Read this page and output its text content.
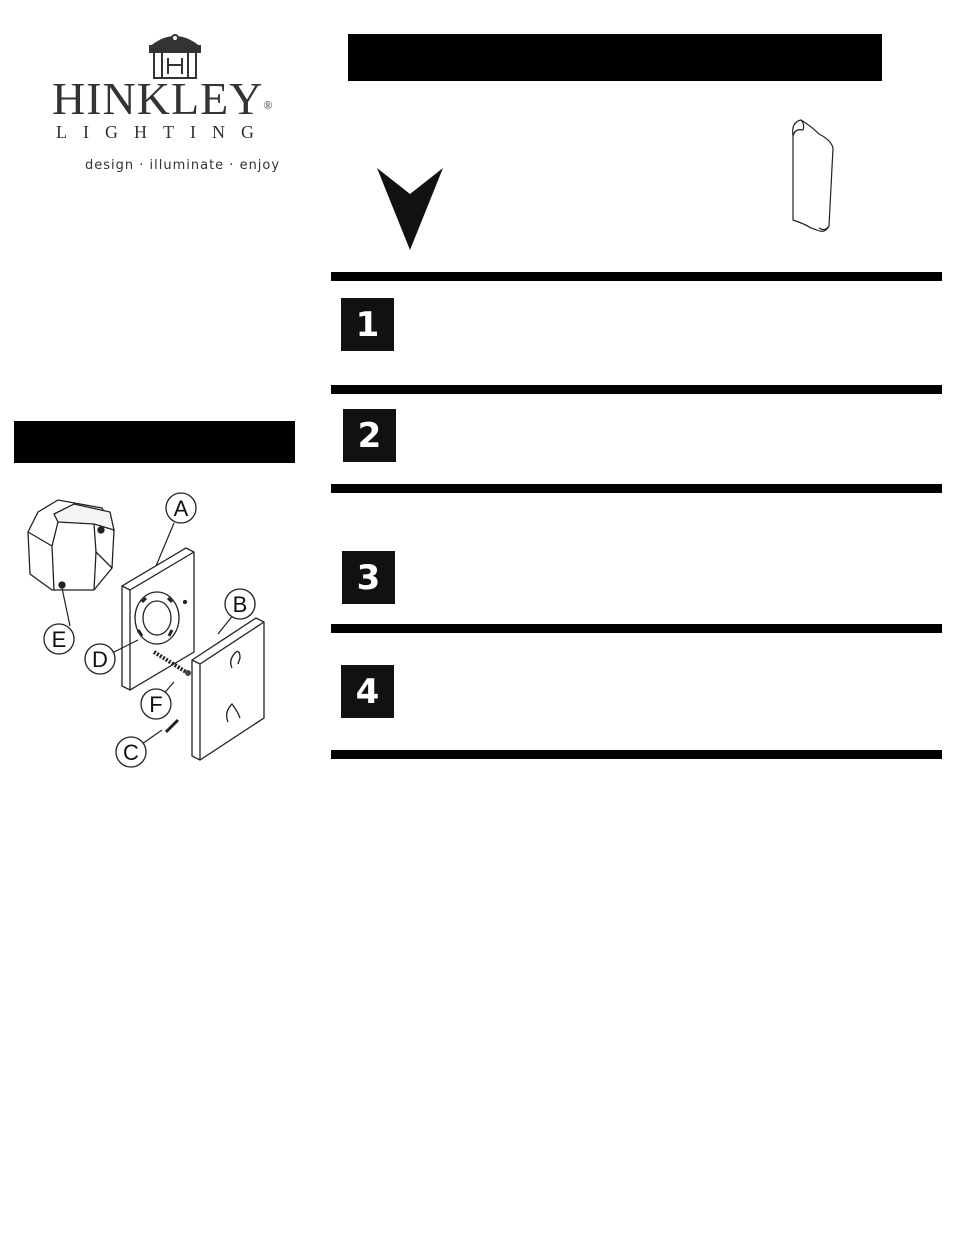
HINKLEY®
LIGHTING
design · illuminate · enjoy
1
2
3
4
A
B
C
D
E
F
